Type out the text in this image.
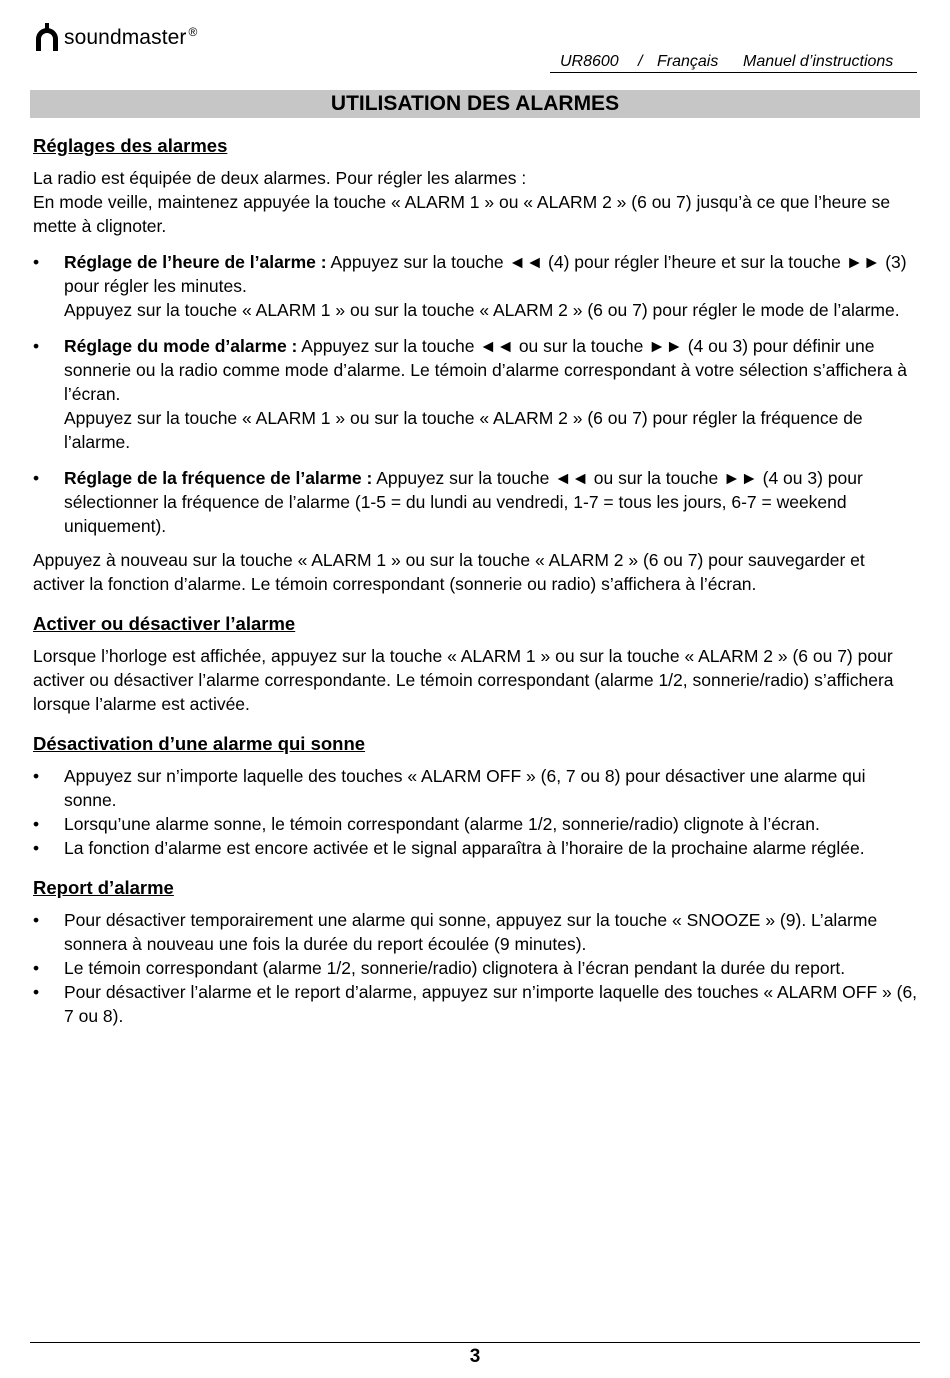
soundmaster ®
UR8600 / Français Manuel d’instructions
UTILISATION DES ALARMES
Réglages des alarmes

La radio est équipée de deux alarmes. Pour régler les alarmes :

En mode veille, maintenez appuyée la touche « ALARM 1 » ou « ALARM 2 » (6 ou 7) jusqu’à ce que l’heure se mette à clignoter.

• Réglage de l’heure de l’alarme : Appuyez sur la touche ◄◄ (4) pour régler l’heure et sur la touche ►► (3) pour régler les minutes.
Appuyez sur la touche « ALARM 1 » ou sur la touche « ALARM 2 » (6 ou 7) pour régler le mode de l’alarme.
• Réglage du mode d’alarme : Appuyez sur la touche ◄◄ ou sur la touche ►► (4 ou 3) pour définir une sonnerie ou la radio comme mode d’alarme. Le témoin d’alarme correspondant à votre sélection s’affichera à l’écran.
Appuyez sur la touche « ALARM 1 » ou sur la touche « ALARM 2 » (6 ou 7) pour régler la fréquence de l’alarme.
• Réglage de la fréquence de l’alarme : Appuyez sur la touche ◄◄ ou sur la touche ►► (4 ou 3) pour sélectionner la fréquence de l’alarme (1-5 = du lundi au vendredi, 1-7 = tous les jours, 6-7 = weekend uniquement).

Appuyez à nouveau sur la touche « ALARM 1 » ou sur la touche « ALARM 2 » (6 ou 7) pour sauvegarder et activer la fonction d’alarme. Le témoin correspondant (sonnerie ou radio) s’affichera à l’écran.

Activer ou désactiver l’alarme

Lorsque l’horloge est affichée, appuyez sur la touche « ALARM 1 » ou sur la touche « ALARM 2 » (6 ou 7) pour activer ou désactiver l’alarme correspondante. Le témoin correspondant (alarme 1/2, sonnerie/radio) s’affichera lorsque l’alarme est activée.

Désactivation d’une alarme qui sonne
• Appuyez sur n’importe laquelle des touches « ALARM OFF » (6, 7 ou 8) pour désactiver une alarme qui sonne.
• Lorsqu’une alarme sonne, le témoin correspondant (alarme 1/2, sonnerie/radio) clignote à l’écran.
• La fonction d’alarme est encore activée et le signal apparaîtra à l’horaire de la prochaine alarme réglée.
Report d’alarme
• Pour désactiver temporairement une alarme qui sonne, appuyez sur la touche « SNOOZE » (9). L’alarme sonnera à nouveau une fois la durée du report écoulée (9 minutes).
• Le témoin correspondant (alarme 1/2, sonnerie/radio) clignotera à l’écran pendant la durée du report.
• Pour désactiver l’alarme et le report d’alarme, appuyez sur n’importe laquelle des touches « ALARM OFF » (6, 7 ou 8).
3
